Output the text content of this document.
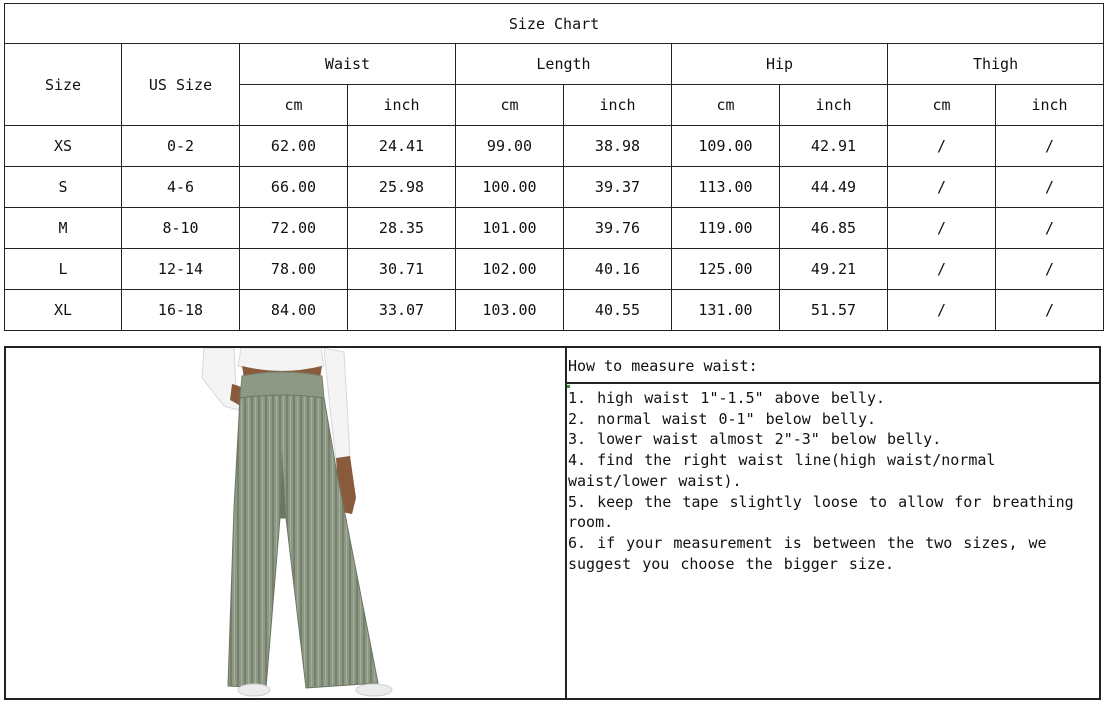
Size Chart									
Size	US Size	Waist		Length		Hip		Thigh	
		cm	inch	cm	inch	cm	inch	cm	inch
XS	0-2	62.00	24.41	99.00	38.98	109.00	42.91	/	/
S	4-6	66.00	25.98	100.00	39.37	113.00	44.49	/	/
M	8-10	72.00	28.35	101.00	39.76	119.00	46.85	/	/
L	12-14	78.00	30.71	102.00	40.16	125.00	49.21	/	/
XL	16-18	84.00	33.07	103.00	40.55	131.00	51.57	/	/
How to measure waist:
1. high waist 1"-1.5" above belly.
2. normal waist 0-1" below belly.
3. lower waist almost 2"-3" below belly.
4. find the right waist line(high waist/normal waist/lower waist).
5. keep the tape slightly loose to allow for breathing room.
6. if your measurement is between the two sizes, we suggest you choose the bigger size.
